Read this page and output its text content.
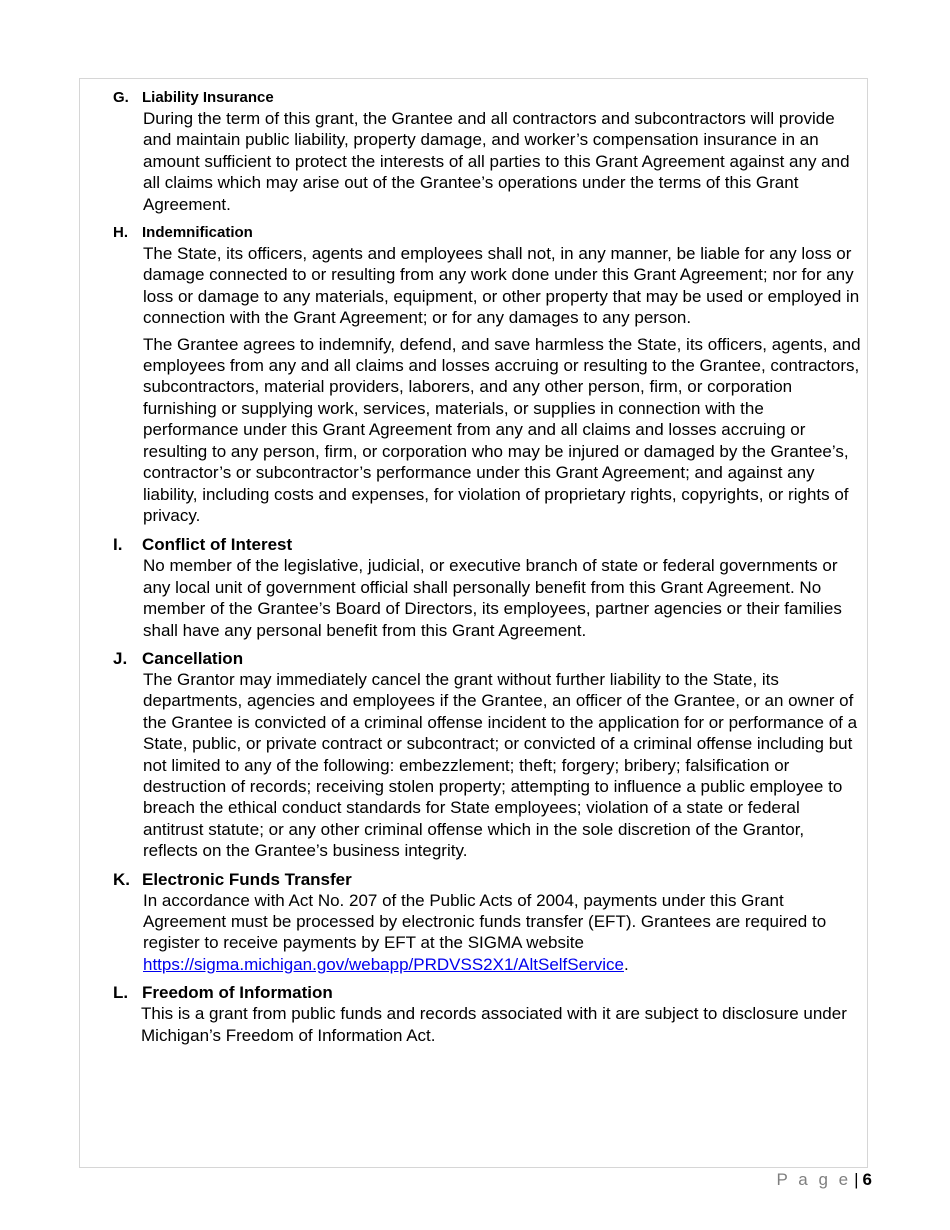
G. Liability Insurance

During the term of this grant, the Grantee and all contractors and subcontractors will provide and maintain public liability, property damage, and worker’s compensation insurance in an amount sufficient to protect the interests of all parties to this Grant Agreement against any and all claims which may arise out of the Grantee’s operations under the terms of this Grant Agreement.

H. Indemnification

The State, its officers, agents and employees shall not, in any manner, be liable for any loss or damage connected to or resulting from any work done under this Grant Agreement; nor for any loss or damage to any materials, equipment, or other property that may be used or employed in connection with the Grant Agreement; or for any damages to any person.

The Grantee agrees to indemnify, defend, and save harmless the State, its officers, agents, and employees from any and all claims and losses accruing or resulting to the Grantee, contractors, subcontractors, material providers, laborers, and any other person, firm, or corporation furnishing or supplying work, services, materials, or supplies in connection with the performance under this Grant Agreement from any and all claims and losses accruing or resulting to any person, firm, or corporation who may be injured or damaged by the Grantee’s, contractor’s or subcontractor’s performance under this Grant Agreement; and against any liability, including costs and expenses, for violation of proprietary rights, copyrights, or rights of privacy.

I.	Conflict of Interest

No member of the legislative, judicial, or executive branch of state or federal governments or any local unit of government official shall personally benefit from this Grant Agreement. No member of the Grantee’s Board of Directors, its employees, partner agencies or their families shall have any personal benefit from this Grant Agreement.

J. Cancellation

The Grantor may immediately cancel the grant without further liability to the State, its departments, agencies and employees if the Grantee, an officer of the Grantee, or an owner of the Grantee is convicted of a criminal offense incident to the application for or performance of a State, public, or private contract or subcontract; or convicted of a criminal offense including but not limited to any of the following: embezzlement; theft; forgery; bribery; falsification or destruction of records; receiving stolen property; attempting to influence a public employee to breach the ethical conduct standards for State employees; violation of a state or federal antitrust statute; or any other criminal offense which in the sole discretion of the Grantor, reflects on the Grantee’s business integrity.

K. Electronic Funds Transfer

In accordance with Act No. 207 of the Public Acts of 2004, payments under this Grant Agreement must be processed by electronic funds transfer (EFT). Grantees are required to register to receive payments by EFT at the SIGMA website
https://sigma.michigan.gov/webapp/PRDVSS2X1/AltSelfService.

L. Freedom of Information

This is a grant from public funds and records associated with it are subject to disclosure under Michigan’s Freedom of Information Act.

P a g e | 6
